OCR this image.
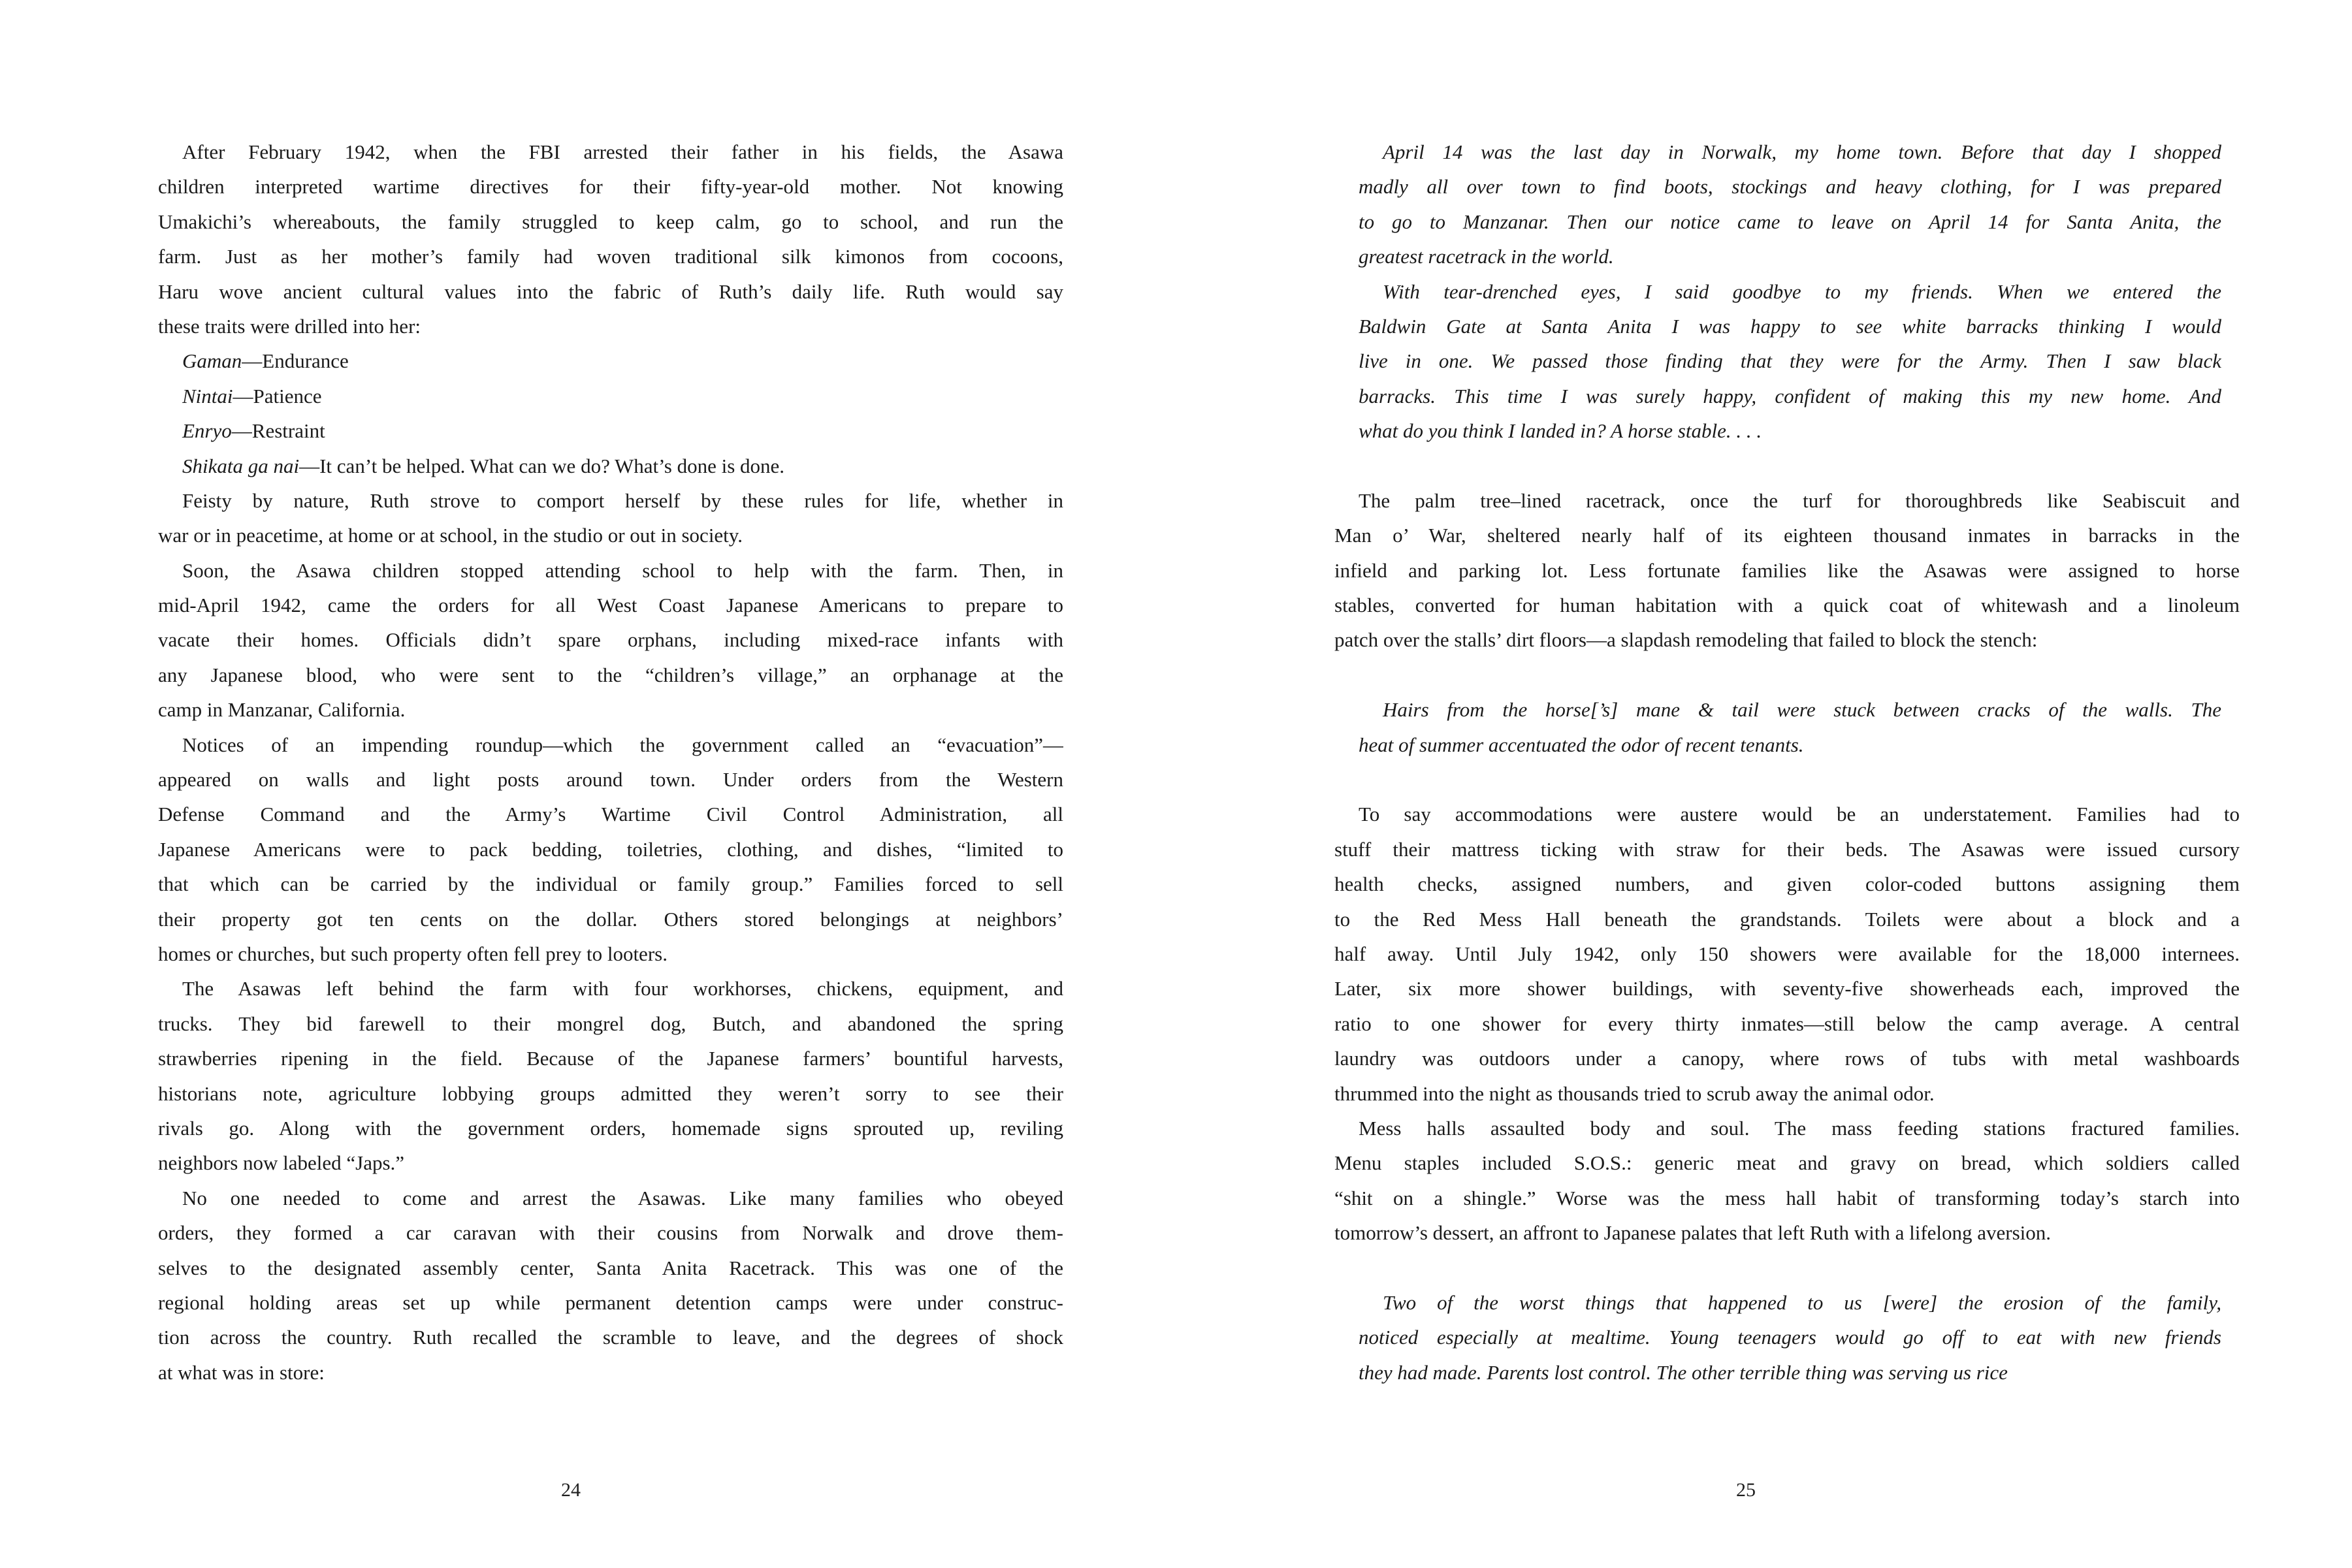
After February 1942, when the FBI arrested their father in his fields, the Asawa
children interpreted wartime directives for their fifty-year-old mother. Not knowing
Umakichi’s whereabouts, the family struggled to keep calm, go to school, and run the
farm. Just as her mother’s family had woven traditional silk kimonos from cocoons,
Haru wove ancient cultural values into the fabric of Ruth’s daily life. Ruth would say
these traits were drilled into her:
Gaman—Endurance
Nintai—Patience
Enryo—Restraint
Shikata ga nai—It can’t be helped. What can we do? What’s done is done.
Feisty by nature, Ruth strove to comport herself by these rules for life, whether in
war or in peacetime, at home or at school, in the studio or out in society.
Soon, the Asawa children stopped attending school to help with the farm. Then, in
mid-April 1942, came the orders for all West Coast Japanese Americans to prepare to
vacate their homes. Officials didn’t spare orphans, including mixed-race infants with
any Japanese blood, who were sent to the “children’s village,” an orphanage at the
camp in Manzanar, California.
Notices of an impending roundup—which the government called an “evacuation”—
appeared on walls and light posts around town. Under orders from the Western
Defense Command and the Army’s Wartime Civil Control Administration, all
Japanese Americans were to pack bedding, toiletries, clothing, and dishes, “limited to
that which can be carried by the individual or family group.” Families forced to sell
their property got ten cents on the dollar. Others stored belongings at neighbors’
homes or churches, but such property often fell prey to looters.
The Asawas left behind the farm with four workhorses, chickens, equipment, and
trucks. They bid farewell to their mongrel dog, Butch, and abandoned the spring
strawberries ripening in the field. Because of the Japanese farmers’ bountiful harvests,
historians note, agriculture lobbying groups admitted they weren’t sorry to see their
rivals go. Along with the government orders, homemade signs sprouted up, reviling
neighbors now labeled “Japs.”
No one needed to come and arrest the Asawas. Like many families who obeyed
orders, they formed a car caravan with their cousins from Norwalk and drove them-
selves to the designated assembly center, Santa Anita Racetrack. This was one of the
regional holding areas set up while permanent detention camps were under construc-
tion across the country. Ruth recalled the scramble to leave, and the degrees of shock
at what was in store:
April 14 was the last day in Norwalk, my home town. Before that day I shopped
madly all over town to find boots, stockings and heavy clothing, for I was prepared
to go to Manzanar. Then our notice came to leave on April 14 for Santa Anita, the
greatest racetrack in the world.
With tear-drenched eyes, I said goodbye to my friends. When we entered the
Baldwin Gate at Santa Anita I was happy to see white barracks thinking I would
live in one. We passed those finding that they were for the Army. Then I saw black
barracks. This time I was surely happy, confident of making this my new home. And
what do you think I landed in? A horse stable. . . .
The palm tree–lined racetrack, once the turf for thoroughbreds like Seabiscuit and
Man o’ War, sheltered nearly half of its eighteen thousand inmates in barracks in the
infield and parking lot. Less fortunate families like the Asawas were assigned to horse
stables, converted for human habitation with a quick coat of whitewash and a linoleum
patch over the stalls’ dirt floors—a slapdash remodeling that failed to block the stench:
Hairs from the horse[’s] mane & tail were stuck between cracks of the walls. The
heat of summer accentuated the odor of recent tenants.
To say accommodations were austere would be an understatement. Families had to
stuff their mattress ticking with straw for their beds. The Asawas were issued cursory
health checks, assigned numbers, and given color-coded buttons assigning them
to the Red Mess Hall beneath the grandstands. Toilets were about a block and a
half away. Until July 1942, only 150 showers were available for the 18,000 internees.
Later, six more shower buildings, with seventy-five showerheads each, improved the
ratio to one shower for every thirty inmates—still below the camp average. A central
laundry was outdoors under a canopy, where rows of tubs with metal washboards
thrummed into the night as thousands tried to scrub away the animal odor.
Mess halls assaulted body and soul. The mass feeding stations fractured families.
Menu staples included S.O.S.: generic meat and gravy on bread, which soldiers called
“shit on a shingle.” Worse was the mess hall habit of transforming today’s starch into
tomorrow’s dessert, an affront to Japanese palates that left Ruth with a lifelong aversion.
Two of the worst things that happened to us [were] the erosion of the family,
noticed especially at mealtime. Young teenagers would go off to eat with new friends
they had made. Parents lost control. The other terrible thing was serving us rice
24	25
